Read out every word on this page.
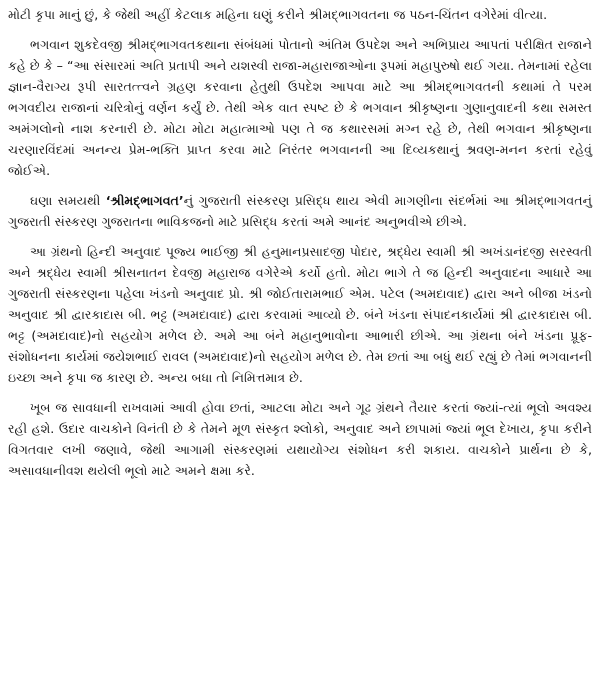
મોટી કૃપા માનું છું, કે જેથી અહીં કેટલાક મહિના ઘણું કરીને શ્રીમદ્ભાગવતના જ પઠન-ચિંતન વગેરેમાં વીત્યા.

ભગવાન શુકદેવજી શ્રીમદ્ભાગવતકથાના સંબંધમાં પોતાનો અંતિમ ઉપદેશ અને અભિપ્રાય આપતાં પરીક્ષિત રાજાને કહે છે કે – “આ સંસારમાં અતિ પ્રતાપી અને યશસ્વી રાજા-મહારાજાઓના રૂપમાં મહાપુરુષો થઈ ગયા. તેમનામાં રહેલા જ્ઞાન-વૈરાગ્ય રૂપી સારતત્ત્વને ગ્રહણ કરવાના હેતુથી ઉપદેશ આપવા માટે આ શ્રીમદ્ભાગવતની કથામાં તે પરમ ભગવદીય રાજાનાં ચરિત્રોનું વર્ણન કર્યું છે. તેથી એક વાત સ્પષ્ટ છે કે ભગવાન શ્રીકૃષ્ણના ગુણાનુવાદની કથા સમસ્ત અમંગલોનો નાશ કરનારી છે. મોટા મોટા મહાત્માઓ પણ તે જ કથારસમાં મગ્ન રહે છે, તેથી ભગવાન શ્રીકૃષ્ણના ચરણારવિંદમાં અનન્ય પ્રેમ-ભક્તિ પ્રાપ્ત કરવા માટે નિરંતર ભગવાનની આ દિવ્યકથાનું શ્રવણ-મનન કરતાં રહેવું જોઈએ.

ઘણા સમયથી ‘શ્રીમદ્ભાગવત’નું ગુજરાતી સંસ્કરણ પ્રસિદ્ધ થાય એવી માગણીના સંદર્ભમાં આ શ્રીમદ્ભાગવતનું ગુજરાતી સંસ્કરણ ગુજરાતના ભાવિકજનો માટે પ્રસિદ્ધ કરતાં અમે આનંદ અનુભવીએ છીએ.

આ ગ્રંથનો હિન્દી અનુવાદ પૂજ્ય ભાઈજી શ્રી હનુમાનપ્રસાદજી પોદાર, શ્રદ્ધેય સ્વામી શ્રી અખંડાનંદજી સરસ્વતી અને શ્રદ્ધેય સ્વામી શ્રીસનાતન દેવજી મહારાજ વગેરેએ કર્યો હતો. મોટા ભાગે તે જ હિન્દી અનુવાદના આધારે આ ગુજરાતી સંસ્કરણના પહેલા ખંડનો અનુવાદ પ્રો. શ્રી જોઈતારામભાઈ એમ. પટેલ (અમદાવાદ) દ્વારા અને બીજા ખંડનો અનુવાદ શ્રી દ્વારકાદાસ બી. ભટ્ટ (અમદાવાદ) દ્વારા કરવામાં આવ્યો છે. બંને ખંડના સંપાદનકાર્યમાં શ્રી દ્વારકાદાસ બી. ભટ્ટ (અમદાવાદ)નો સહયોગ મળેલ છે. અમે આ બંને મહાનુભાવોના આભારી છીએ. આ ગ્રંથના બંને ખંડના પ્રૂફ-સંશોધનના કાર્યમાં જયેશભાઈ રાવલ (અમદાવાદ)નો સહયોગ મળેલ છે. તેમ છતાં આ બધું થઈ રહ્યું છે તેમાં ભગવાનની ઇચ્છા અને કૃપા જ કારણ છે. અન્ય બધા તો નિમિત્તમાત્ર છે.

ખૂબ જ સાવધાની રાખવામાં આવી હોવા છતાં, આટલા મોટા અને ગૂઢ ગ્રંથને તૈયાર કરતાં જ્યાં-ત્યાં ભૂલો અવશ્ય રહી હશે. ઉદાર વાચકોને વિનંતી છે કે તેમને મૂળ સંસ્કૃત શ્લોકો, અનુવાદ અને છાપામાં જ્યાં ભૂલ દેખાય, કૃપા કરીને વિગતવાર લખી જણાવે, જેથી આગામી સંસ્કરણમાં યથાયોગ્ય સંશોધન કરી શકાય. વાચકોને પ્રાર્થના છે કે, અસાવધાનીવશ થયેલી ભૂલો માટે અમને ક્ષમા કરે.
